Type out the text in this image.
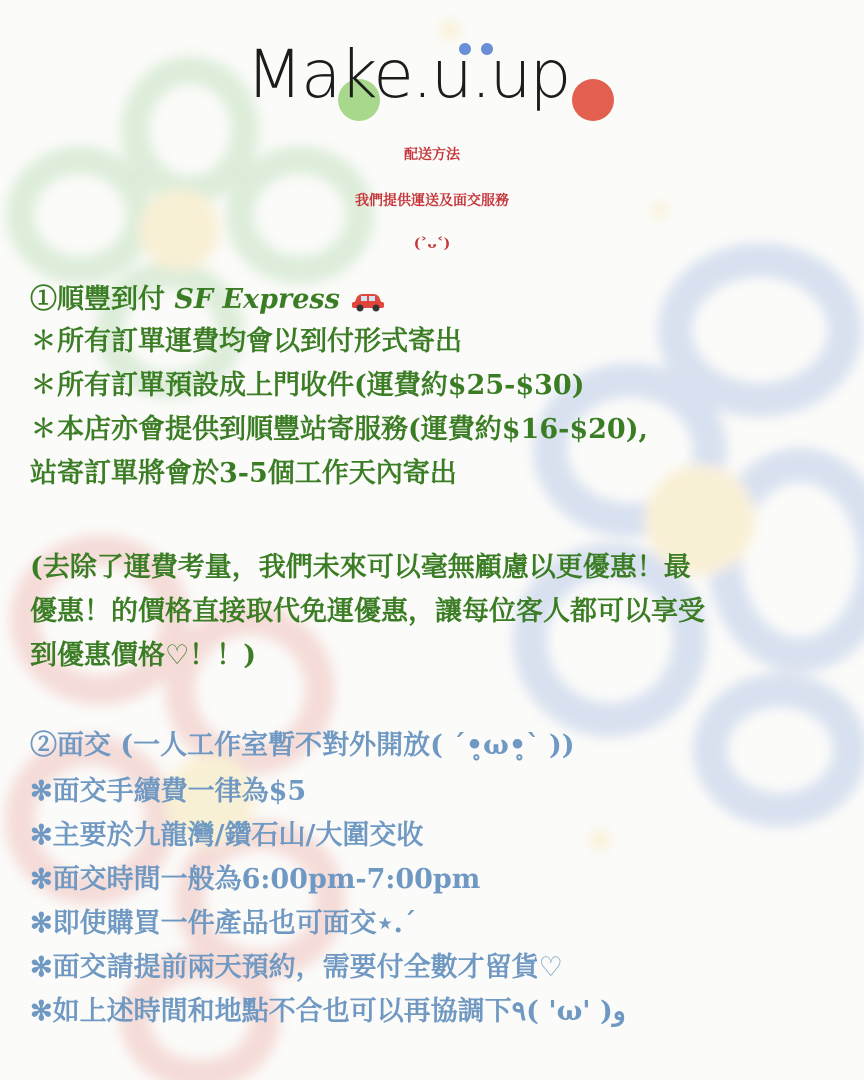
Make.u.up
配送方法
我們提供運送及面交服務
(˃ᴗ˂)
①順豐到付 SF Express
✽所有訂單運費均會以到付形式寄出
✽所有訂單預設成上門收件(運費約$25-$30)
✽本店亦會提供到順豐站寄服務(運費約$16-$20),
站寄訂單將會於3-5個工作天內寄出
(去除了運費考量，我們未來可以毫無顧慮以更優惠！最
優惠！的價格直接取代免運優惠，讓每位客人都可以享受
到優惠價格♡！！)
②面交 (一人工作室暫不對外開放( ´•̥ω•̥` ))
✻面交手續費一律為$5
✻主要於九龍灣/鑽石山/大圍交收
✻面交時間一般為6:00pm-7:00pm
✻即使購買一件產品也可面交⋆.ˊ
✻面交請提前兩天預約，需要付全數才留貨♡
✻如上述時間和地點不合也可以再協調下٩( 'ω' )و
